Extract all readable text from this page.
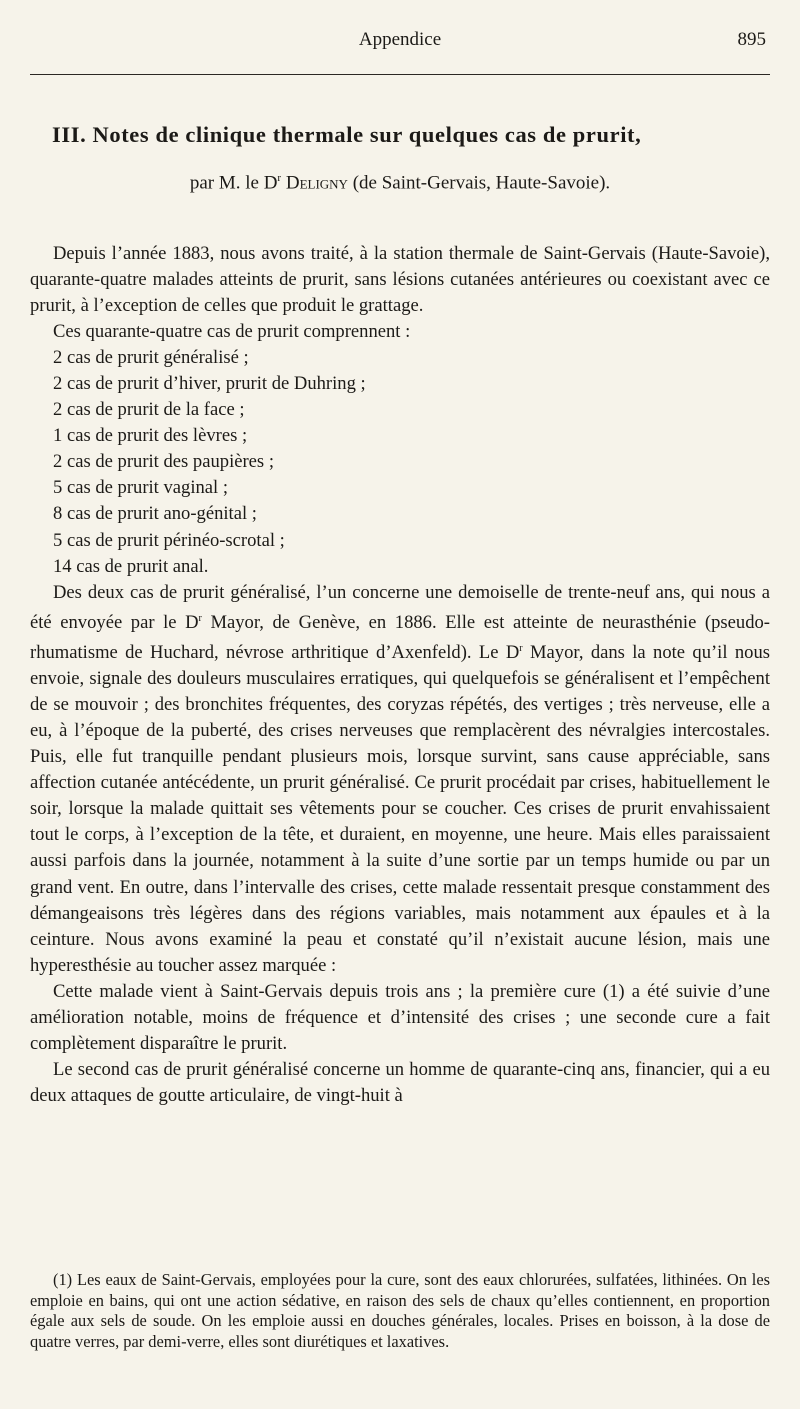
Appendice	895
III. Notes de clinique thermale sur quelques cas de prurit,
par M. le $D^r$ Deligny (de Saint-Gervais, Haute-Savoie).

Depuis l’année 1883, nous avons traité, à la station thermale de Saint-Gervais (Haute-Savoie), quarante-quatre malades atteints de prurit, sans lésions cutanées antérieures ou coexistant avec ce prurit, à l’exception de celles que produit le grattage.

Ces quarante-quatre cas de prurit comprennent :

2 cas de prurit généralisé ;
2 cas de prurit d’hiver, prurit de Duhring ;
2 cas de prurit de la face ;
1 cas de prurit des lèvres ;
2 cas de prurit des paupières ;
5 cas de prurit vaginal ;
8 cas de prurit ano-génital ;
5 cas de prurit périnéo-scrotal ;
14 cas de prurit anal.

Des deux cas de prurit généralisé, l’un concerne une demoiselle de trente-neuf ans, qui nous a été envoyée par le $D^r$ Mayor, de Genève, en 1886. Elle est atteinte de neurasthénie (pseudo-rhumatisme de Huchard, névrose arthritique d’Axenfeld). Le $D^r$ Mayor, dans la note qu’il nous envoie, signale des douleurs musculaires erratiques, qui quelquefois se généralisent et l’empêchent de se mouvoir ; des bronchites fréquentes, des coryzas répétés, des vertiges ; très nerveuse, elle a eu, à l’époque de la puberté, des crises nerveuses que remplacèrent des névralgies intercostales. Puis, elle fut tranquille pendant plusieurs mois, lorsque survint, sans cause appréciable, sans affection cutanée antécédente, un prurit généralisé. Ce prurit procédait par crises, habituellement le soir, lorsque la malade quittait ses vêtements pour se coucher. Ces crises de prurit envahissaient tout le corps, à l’exception de la tête, et duraient, en moyenne, une heure. Mais elles paraissaient aussi parfois dans la journée, notamment à la suite d’une sortie par un temps humide ou par un grand vent. En outre, dans l’intervalle des crises, cette malade ressentait presque constamment des démangeaisons très légères dans des régions variables, mais notamment aux épaules et à la ceinture. Nous avons examiné la peau et constaté qu’il n’existait aucune lésion, mais une hyperesthésie au toucher assez marquée :

Cette malade vient à Saint-Gervais depuis trois ans ; la première cure (1) a été suivie d’une amélioration notable, moins de fréquence et d’intensité des crises ; une seconde cure a fait complètement disparaître le prurit.

Le second cas de prurit généralisé concerne un homme de quarante-cinq ans, financier, qui a eu deux attaques de goutte articulaire, de vingt-huit à

(1) Les eaux de Saint-Gervais, employées pour la cure, sont des eaux chlorurées, sulfatées, lithinées. On les emploie en bains, qui ont une action sédative, en raison des sels de chaux qu’elles contiennent, en proportion égale aux sels de soude. On les emploie aussi en douches générales, locales. Prises en boisson, à la dose de quatre verres, par demi-verre, elles sont diurétiques et laxatives.
